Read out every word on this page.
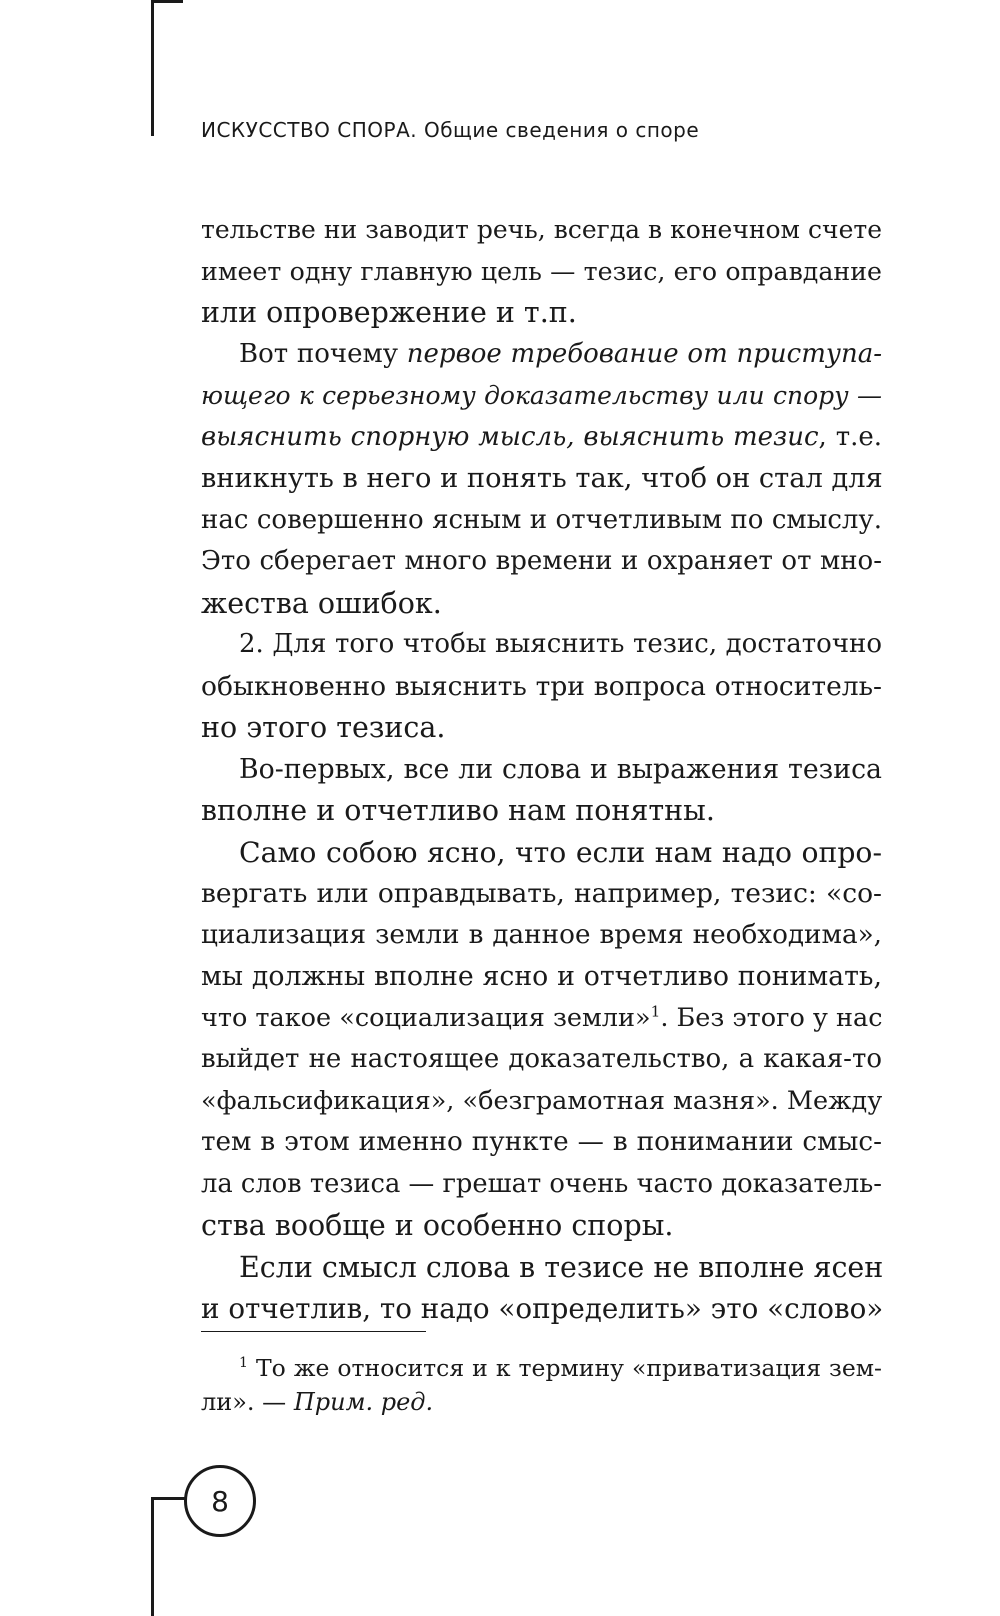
ИСКУССТВО СПОРА. Общие сведения о споре
тельстве ни заводит речь, всегда в конечном счете
имеет одну главную цель — тезис, его оправдание
или опровержение и т.п.
Вот почему первое требование от приступа-
ющего к серьезному доказательству или спору —
выяснить спорную мысль, выяснить тезис, т.е.
вникнуть в него и понять так, чтоб он стал для
нас совершенно ясным и отчетливым по смыслу.
Это сберегает много времени и охраняет от мно-
жества ошибок.
2. Для того чтобы выяснить тезис, достаточно
обыкновенно выяснить три вопроса относитель-
но этого тезиса.
Во-первых, все ли слова и выражения тезиса
вполне и отчетливо нам понятны.
Само собою ясно, что если нам надо опро-
вергать или оправдывать, например, тезис: «со-
циализация земли в данное время необходима»,
мы должны вполне ясно и отчетливо понимать,
что такое «социализация земли»$^1$. Без этого у нас
выйдет не настоящее доказательство, а какая-то
«фальсификация», «безграмотная мазня». Между
тем в этом именно пункте — в понимании смыс-
ла слов тезиса — грешат очень часто доказатель-
ства вообще и особенно споры.
Если смысл слова в тезисе не вполне ясен
и отчетлив, то надо «определить» это «слово»
$^1$ То же относится и к термину «приватизация зем-
ли». — Прим. ред.
8
